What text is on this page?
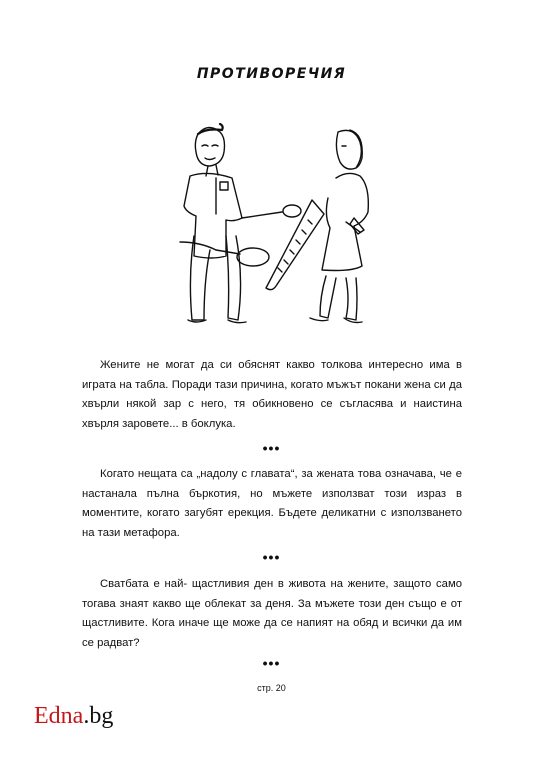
ПРОТИВОРЕЧИЯ

Жените не могат да си обяснят какво толкова интересно има в играта на табла. Поради тази причина, когато мъжът покани жена си да хвърли някой зар с него, тя обикновено се съгласява и наистина хвърля заровете... в боклука.

•••

Когато нещата са „надолу с главата“, за жената това означава, че е настанала пълна бъркотия, но мъжете използват този израз в моментите, когато загубят ерекция. Бъдете деликатни с използването на тази метафора.

•••

Сватбата е най- щастливия ден в живота на жените, защото само тогава знаят какво ще облекат за деня. За мъжете този ден също е от щастливите. Кога иначе ще може да се напият на обяд и всички да им се радват?

•••
стр. 20
Edna.bg
